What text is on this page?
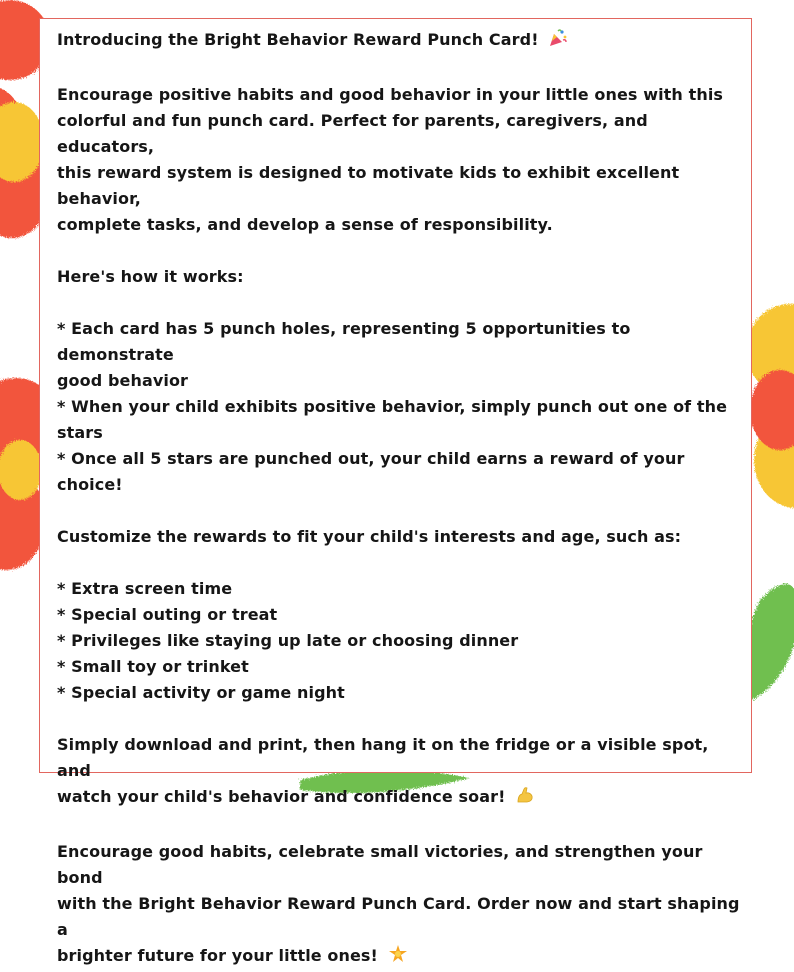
Introducing the Bright Behavior Reward Punch Card!

Encourage positive habits and good behavior in your little ones with this

colorful and fun punch card. Perfect for parents, caregivers, and educators,

this reward system is designed to motivate kids to exhibit excellent behavior,

complete tasks, and develop a sense of responsibility.

Here's how it works:

* Each card has 5 punch holes, representing 5 opportunities to demonstrate

good behavior

* When your child exhibits positive behavior, simply punch out one of the stars

* Once all 5 stars are punched out, your child earns a reward of your choice!

Customize the rewards to fit your child's interests and age, such as:

* Extra screen time

* Special outing or treat

* Privileges like staying up late or choosing dinner

* Small toy or trinket

* Special activity or game night

Simply download and print, then hang it on the fridge or a visible spot, and

watch your child's behavior and confidence soar!

Encourage good habits, celebrate small victories, and strengthen your bond

with the Bright Behavior Reward Punch Card. Order now and start shaping a

brighter future for your little ones!
